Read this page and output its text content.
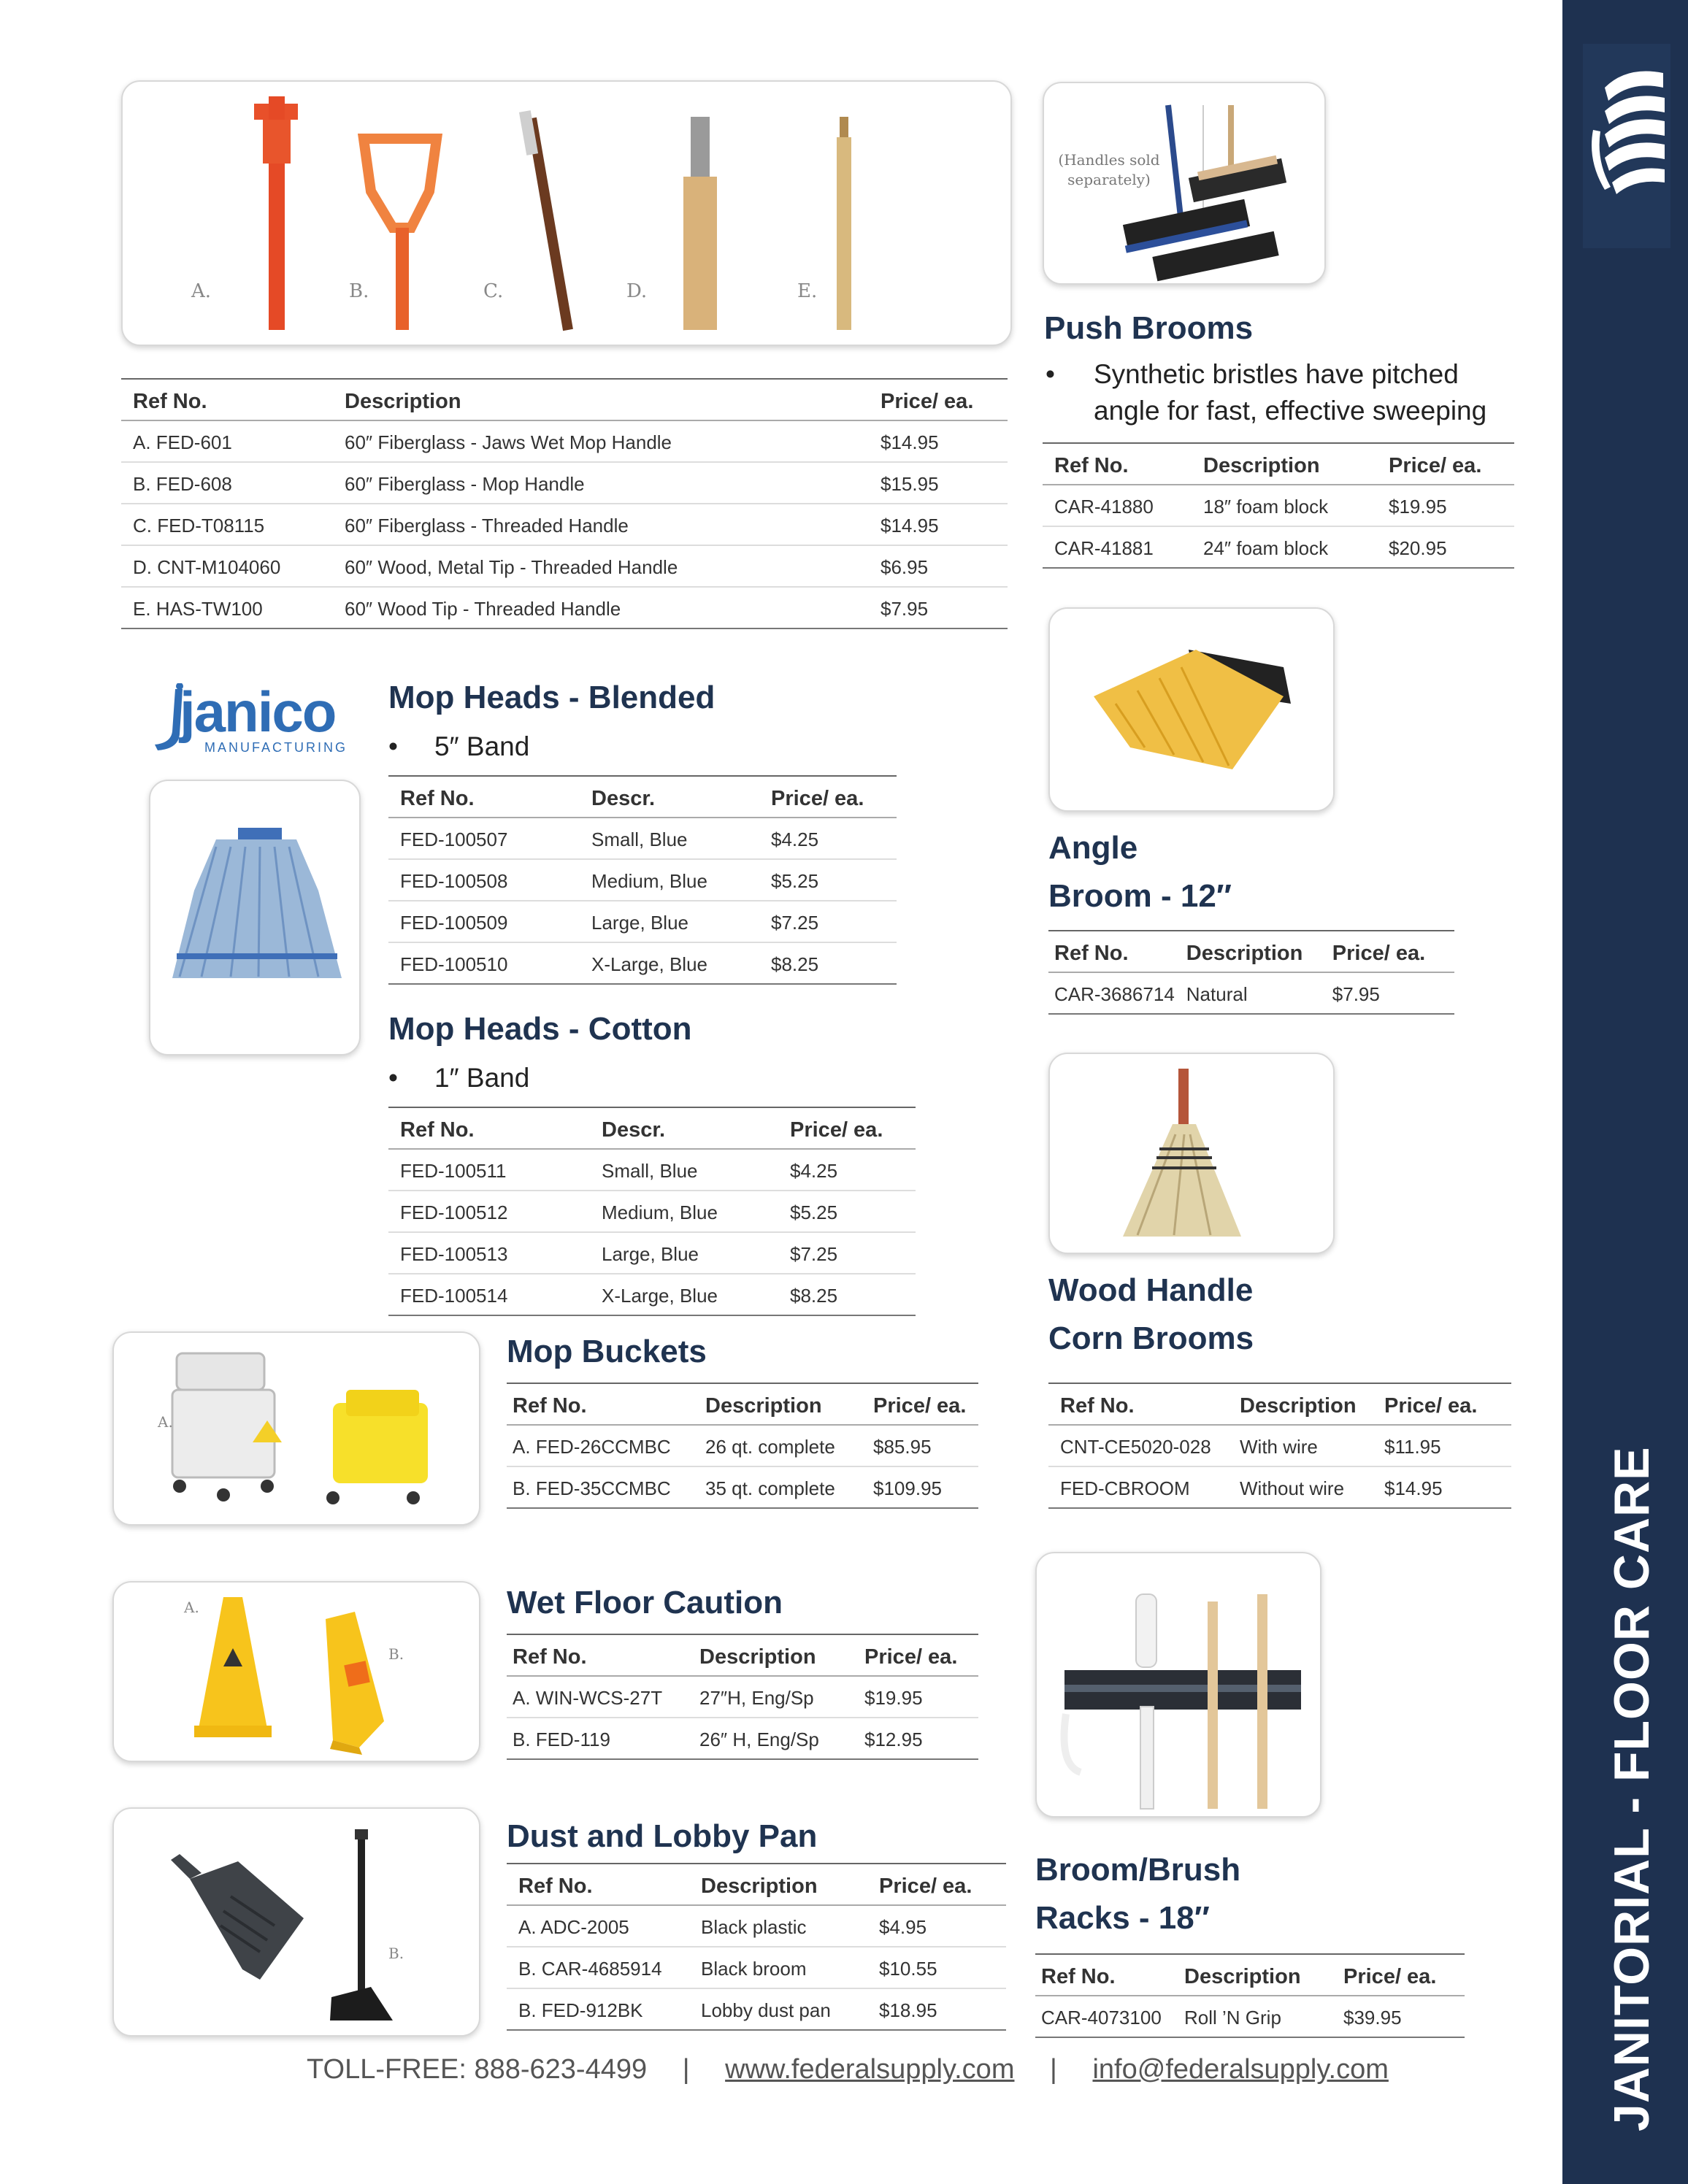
JANITORIAL - FLOOR CARE
A.	B.	C.	D.	E.
Ref No.	Description	Price/ ea.
A. FED-601	60″ Fiberglass - Jaws Wet Mop Handle	$14.95
B. FED-608	60″ Fiberglass - Mop Handle	$15.95
C. FED-T08115	60″ Fiberglass - Threaded Handle	$14.95
D. CNT-M104060	60″ Wood, Metal Tip - Threaded Handle	$6.95
E. HAS-TW100	60″ Wood Tip - Threaded Handle	$7.95
(Handles sold separately)
Push Brooms
•	Synthetic bristles have pitched angle for fast, effective sweeping
Ref No.	Description	Price/ ea.
CAR-41880	18″ foam block	$19.95
CAR-41881	24″ foam block	$20.95
janico
MANUFACTURING
Mop Heads - Blended
• 5″ Band
Ref No.	Descr.	Price/ ea.
FED-100507	Small, Blue	$4.25
FED-100508	Medium, Blue	$5.25
FED-100509	Large, Blue	$7.25
FED-100510	X-Large, Blue	$8.25
Mop Heads - Cotton
• 1″ Band
Ref No.	Descr.	Price/ ea.
FED-100511	Small, Blue	$4.25
FED-100512	Medium, Blue	$5.25
FED-100513	Large, Blue	$7.25
FED-100514	X-Large, Blue	$8.25
Angle
Broom - 12″
Ref No.	Description	Price/ ea.
CAR-3686714	Natural	$7.95
Wood Handle
Corn Brooms
Ref No.	Description	Price/ ea.
CNT-CE5020-028	With wire	$11.95
FED-CBROOM	Without wire	$14.95
A.
Mop Buckets
Ref No.	Description	Price/ ea.
A. FED-26CCMBC	26 qt. complete	$85.95
B. FED-35CCMBC	35 qt. complete	$109.95
A.
B.
Wet Floor Caution
Ref No.	Description	Price/ ea.
A. WIN-WCS-27T	27″H, Eng/Sp	$19.95
B. FED-119	26″ H, Eng/Sp	$12.95
Broom/Brush
Racks - 18″
Ref No.	Description	Price/ ea.
CAR-4073100	Roll ’N Grip	$39.95
B.
Dust and Lobby Pan
Ref No.	Description	Price/ ea.
A. ADC-2005	Black plastic	$4.95
B. CAR-4685914	Black broom	$10.55
B. FED-912BK	Lobby dust pan	$18.95
TOLL-FREE: 888-623-4499 | www.federalsupply.com | info@federalsupply.com
